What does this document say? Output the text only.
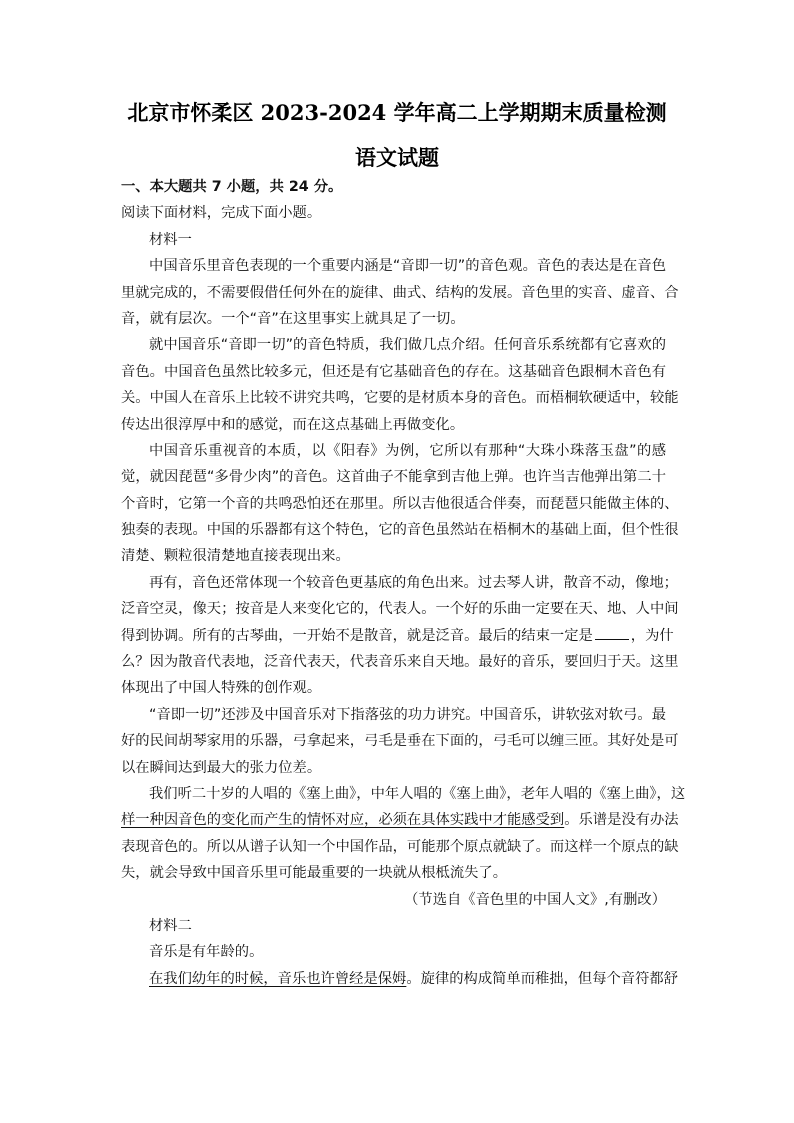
北京市怀柔区 2023-2024 学年高二上学期期末质量检测
语文试题
一、本大题共 7 小题，共 24 分。
阅读下面材料，完成下面小题。
材料一
中国音乐里音色表现的一个重要内涵是“音即一切”的音色观。音色的表达是在音色
里就完成的，不需要假借任何外在的旋律、曲式、结构的发展。音色里的实音、虚音、合
音，就有层次。一个“音”在这里事实上就具足了一切。
就中国音乐“音即一切”的音色特质，我们做几点介绍。任何音乐系统都有它喜欢的
音色。中国音色虽然比较多元，但还是有它基础音色的存在。这基础音色跟桐木音色有
关。中国人在音乐上比较不讲究共鸣，它要的是材质本身的音色。而梧桐软硬适中，较能
传达出很淳厚中和的感觉，而在这点基础上再做变化。
中国音乐重视音的本质，以《阳春》为例，它所以有那种“大珠小珠落玉盘”的感
觉，就因琵琶“多骨少肉”的音色。这首曲子不能拿到吉他上弹。也许当吉他弹出第二十
个音时，它第一个音的共鸣恐怕还在那里。所以吉他很适合伴奏，而琵琶只能做主体的、
独奏的表现。中国的乐器都有这个特色，它的音色虽然站在梧桐木的基础上面，但个性很
清楚、颗粒很清楚地直接表现出来。
再有，音色还常体现一个较音色更基底的角色出来。过去琴人讲，散音不动，像地；
泛音空灵，像天；按音是人来变化它的，代表人。一个好的乐曲一定要在天、地、人中间
得到协调。所有的古琴曲，一开始不是散音，就是泛音。最后的结束一定是	，为什
么？因为散音代表地，泛音代表天，代表音乐来自天地。最好的音乐，要回归于天。这里
体现出了中国人特殊的创作观。
“音即一切”还涉及中国音乐对下指落弦的功力讲究。中国音乐，讲软弦对软弓。最
好的民间胡琴家用的乐器，弓拿起来，弓毛是垂在下面的，弓毛可以缠三匝。其好处是可
以在瞬间达到最大的张力位差。
我们听二十岁的人唱的《塞上曲》，中年人唱的《塞上曲》，老年人唱的《塞上曲》，这
样一种因音色的变化而产生的情怀对应，必须在具体实践中才能感受到。乐谱是没有办法
表现音色的。所以从谱子认知一个中国作品，可能那个原点就缺了。而这样一个原点的缺
失，就会导致中国音乐里可能最重要的一块就从根柢流失了。
（节选自《音色里的中国人文》,有删改）
材料二
音乐是有年龄的。
在我们幼年的时候，音乐也许曾经是保姆。旋律的构成简单而稚拙，但每个音符都舒
